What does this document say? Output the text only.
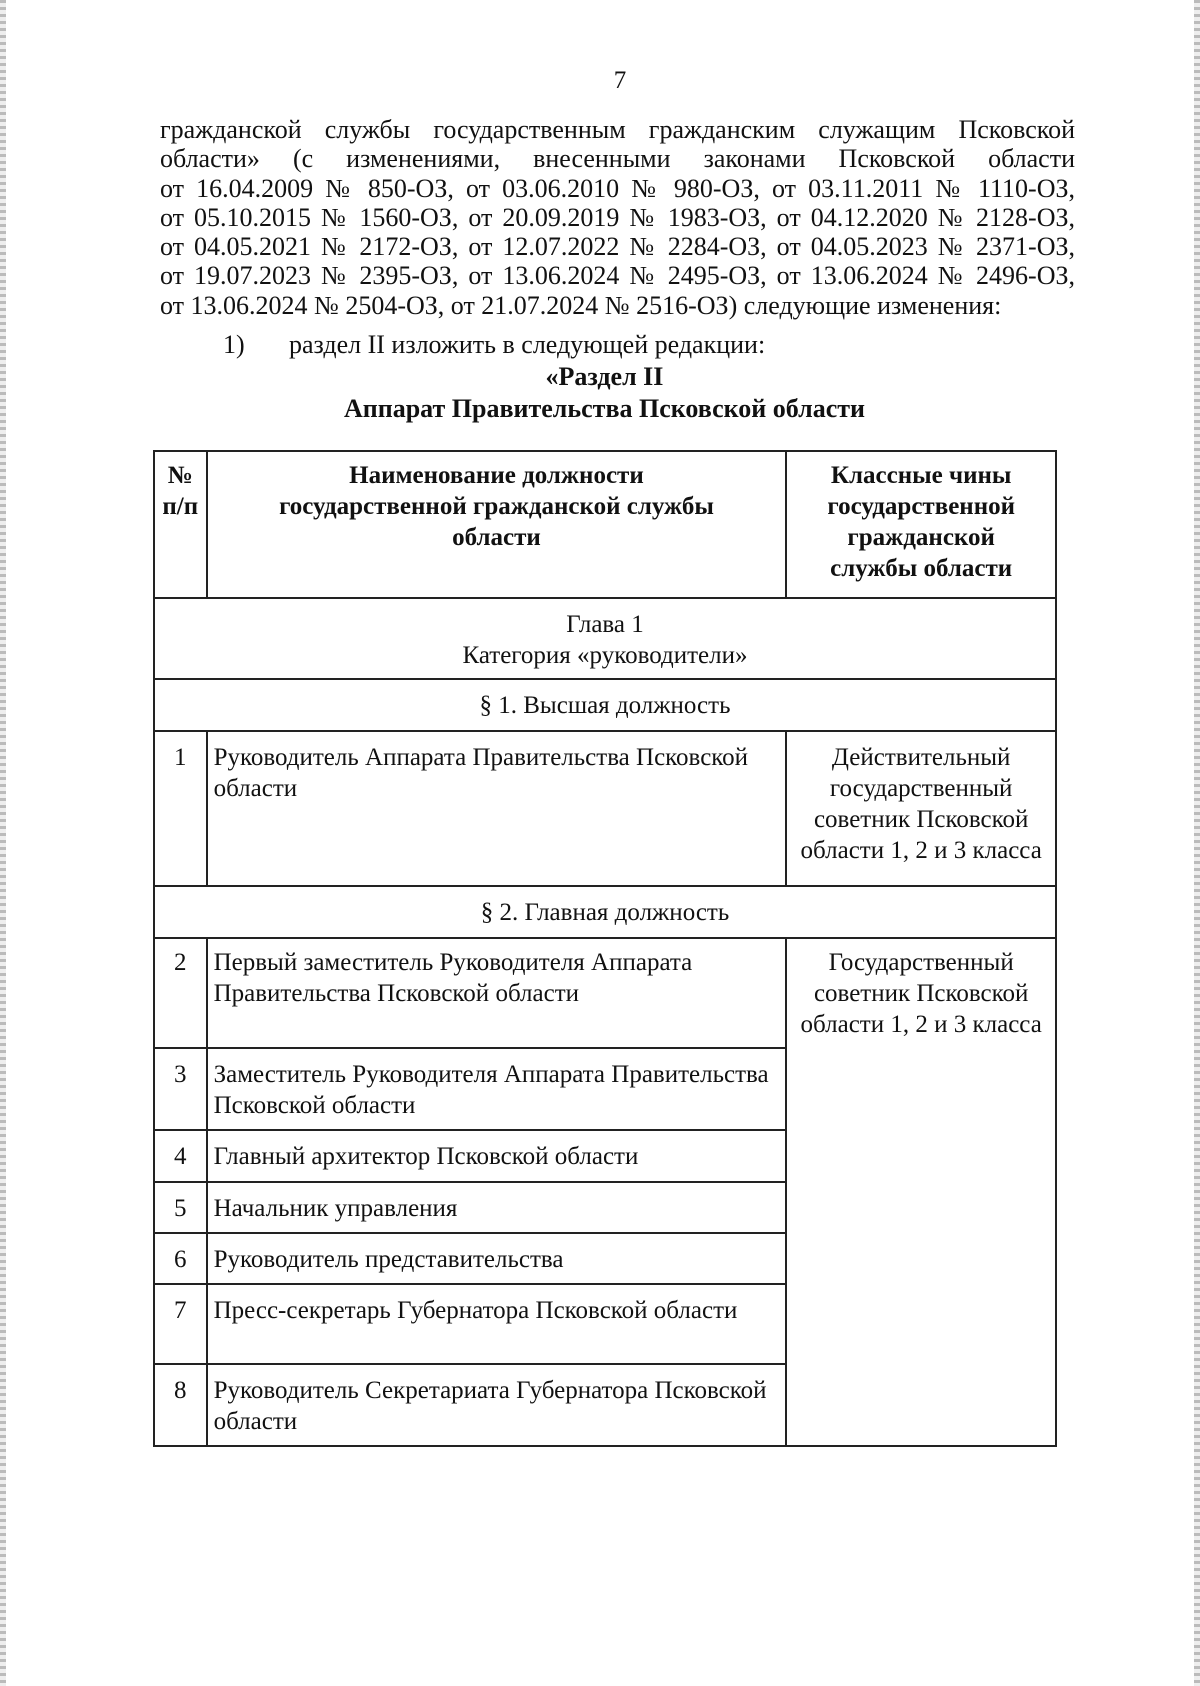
7
гражданской службы государственным гражданским служащим Псковской
области» (с изменениями, внесенными законами Псковской области
от 16.04.2009 № 850-ОЗ, от 03.06.2010 № 980-ОЗ, от 03.11.2011 № 1110-ОЗ,
от 05.10.2015 № 1560-ОЗ, от 20.09.2019 № 1983-ОЗ, от 04.12.2020 № 2128-ОЗ,
от 04.05.2021 № 2172-ОЗ, от 12.07.2022 № 2284-ОЗ, от 04.05.2023 № 2371-ОЗ,
от 19.07.2023 № 2395-ОЗ, от 13.06.2024 № 2495-ОЗ, от 13.06.2024 № 2496-ОЗ,
от 13.06.2024 № 2504-ОЗ, от 21.07.2024 № 2516-ОЗ) следующие изменения:
1) раздел II изложить в следующей редакции:
«Раздел II
Аппарат Правительства Псковской области
№ п/п	Наименование должности государственной гражданской службы области	Классные чины государственной гражданской службы области

Глава 1
Категория «руководители»		

§ 1. Высшая должность		
1	Руководитель Аппарата Правительства Псковской области	Действительный государственный советник Псковской области 1, 2 и 3 класса
§ 2. Главная должность		
2	Первый заместитель Руководителя Аппарата Правительства Псковской области	Государственный советник Псковской области 1, 2 и 3 класса
3	Заместитель Руководителя Аппарата Правительства Псковской области	
4	Главный архитектор Псковской области	
5	Начальник управления	
6	Руководитель представительства	
7	Пресс-секретарь Губернатора Псковской области	
8	Руководитель Секретариата Губернатора Псковской области	
